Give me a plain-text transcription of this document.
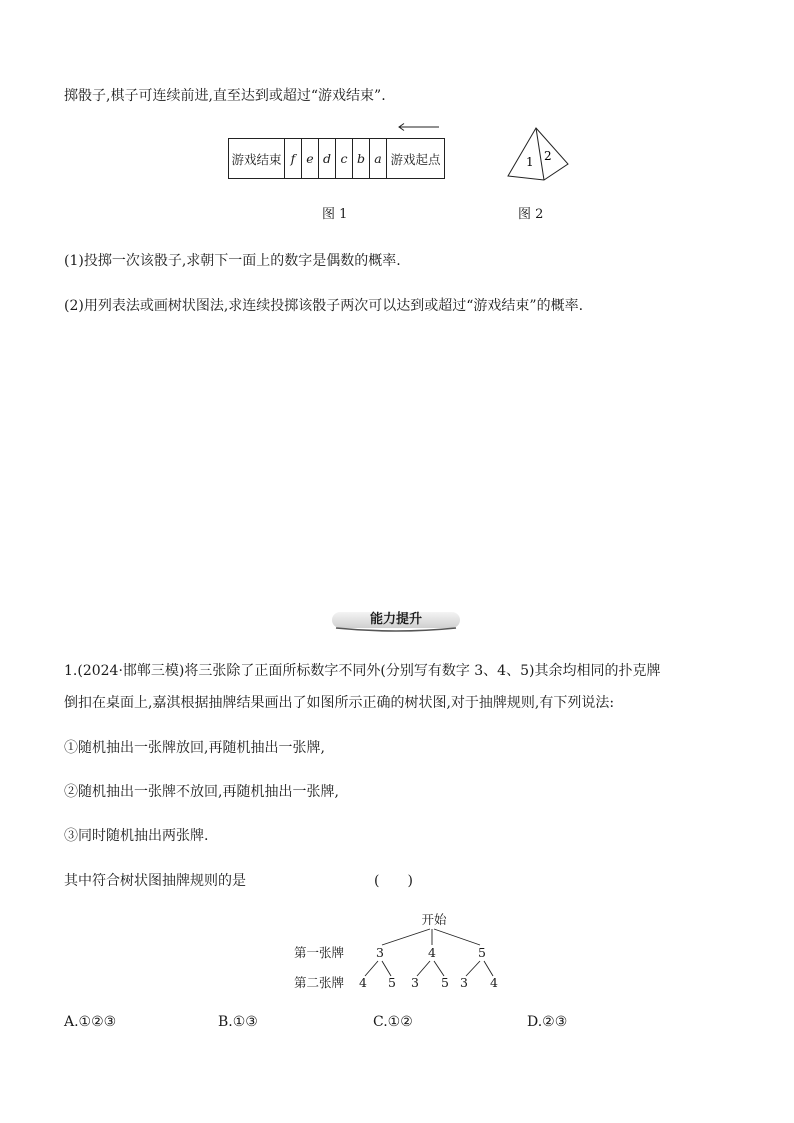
掷骰子,棋子可连续前进,直至达到或超过“游戏结束”.
游戏结束 f e d c b a 游戏起点
图 1
1 2
图 2
(1)投掷一次该骰子,求朝下一面上的数字是偶数的概率.
(2)用列表法或画树状图法,求连续投掷该骰子两次可以达到或超过“游戏结束”的概率.
能力提升
1.(2024·邯郸三模)将三张除了正面所标数字不同外(分别写有数字 3、4、5)其余均相同的扑克牌
倒扣在桌面上,嘉淇根据抽牌结果画出了如图所示正确的树状图,对于抽牌规则,有下列说法:
①随机抽出一张牌放回,再随机抽出一张牌,
②随机抽出一张牌不放回,再随机抽出一张牌,
③同时随机抽出两张牌.
其中符合树状图抽牌规则的是	(　　)
开始
第一张牌
第二张牌
3	4	5
4 5 3 5 3 4
A.①②③	B.①③	C.①②	D.②③
